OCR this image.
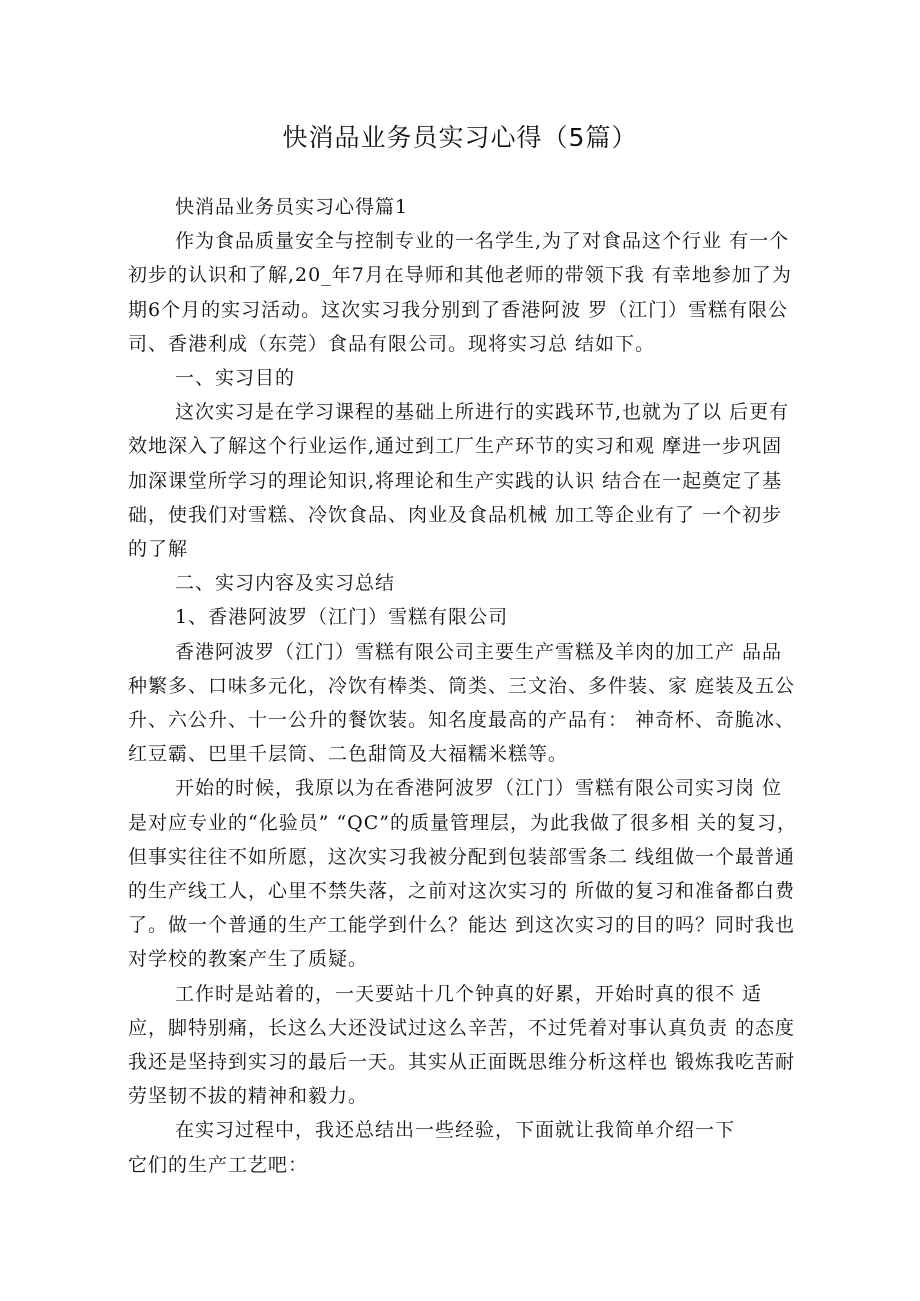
快消品业务员实习心得（5篇）

快消品业务员实习心得篇1

作为食品质量安全与控制专业的一名学生,为了对食品这个行业 有一个初步的认识和了解,20_年7月在导师和其他老师的带领下我 有幸地参加了为期6个月的实习活动。这次实习我分别到了香港阿波 罗（江门）雪糕有限公司、香港利成（东莞）食品有限公司。现将实习总 结如下。

一、实习目的

这次实习是在学习课程的基础上所进行的实践环节,也就为了以 后更有效地深入了解这个行业运作,通过到工厂生产环节的实习和观 摩进一步巩固加深课堂所学习的理论知识,将理论和生产实践的认识 结合在一起奠定了基础，使我们对雪糕、冷饮食品、肉业及食品机械 加工等企业有了 一个初步的了解

二、实习内容及实习总结

1、香港阿波罗（江门）雪糕有限公司

香港阿波罗（江门）雪糕有限公司主要生产雪糕及羊肉的加工产 品品种繁多、口味多元化，冷饮有棒类、筒类、三文治、多件装、家 庭装及五公升、六公升、十一公升的餐饮装。知名度最高的产品有： 神奇杯、奇脆冰、红豆霸、巴里千层筒、二色甜筒及大福糯米糕等。

开始的时候，我原以为在香港阿波罗（江门）雪糕有限公司实习岗 位是对应专业的“化验员” “QC”的质量管理层，为此我做了很多相 关的复习，但事实往往不如所愿，这次实习我被分配到包装部雪条二 线组做一个最普通的生产线工人，心里不禁失落，之前对这次实习的 所做的复习和准备都白费了。做一个普通的生产工能学到什么？能达 到这次实习的目的吗？同时我也对学校的教案产生了质疑。

工作时是站着的，一天要站十几个钟真的好累，开始时真的很不 适应，脚特别痛，长这么大还没试过这么辛苦，不过凭着对事认真负责 的态度我还是坚持到实习的最后一天。其实从正面既思维分析这样也 锻炼我吃苦耐劳坚韧不拔的精神和毅力。

在实习过程中，我还总结出一些经验，下面就让我简单介绍一下

它们的生产工艺吧：
